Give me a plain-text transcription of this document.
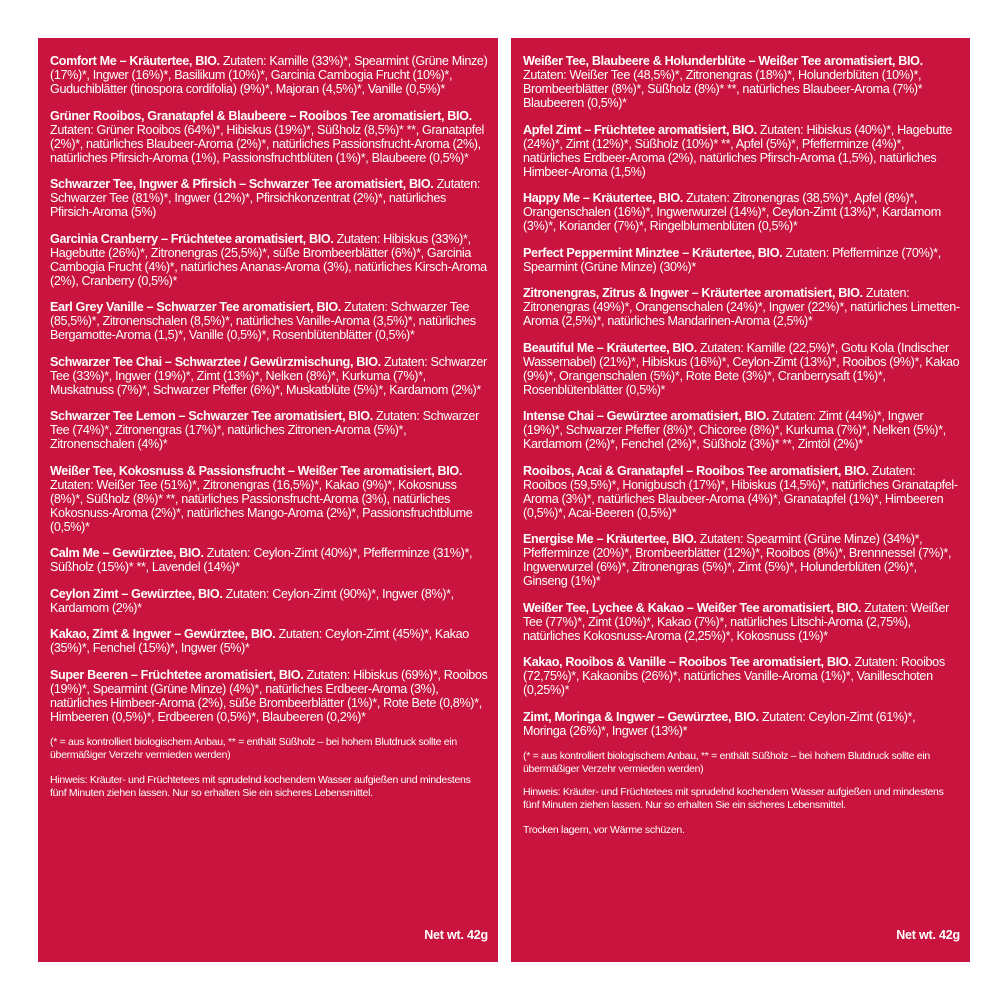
Comfort Me – Kräutertee, BIO. Zutaten: Kamille (33%)*, Spearmint (Grüne Minze) (17%)*, Ingwer (16%)*, Basilikum (10%)*, Garcinia Cambogia Frucht (10%)*, Guduchiblätter (tinospora cordifolia) (9%)*, Majoran (4,5%)*, Vanille (0,5%)*

Grüner Rooibos, Granatapfel & Blaubeere – Rooibos Tee aromatisiert, BIO. Zutaten: Grüner Rooibos (64%)*, Hibiskus (19%)*, Süßholz (8,5%)* **, Granatapfel (2%)*, natürliches Blaubeer-Aroma (2%)*, natürliches Passionsfrucht-Aroma (2%), natürliches Pfirsich-Aroma (1%), Passionsfruchtblüten (1%)*, Blaubeere (0,5%)*

Schwarzer Tee, Ingwer & Pfirsich – Schwarzer Tee aromatisiert, BIO. Zutaten: Schwarzer Tee (81%)*, Ingwer (12%)*, Pfirsichkonzentrat (2%)*, natürliches Pfirsich-Aroma (5%)

Garcinia Cranberry – Früchtetee aromatisiert, BIO. Zutaten: Hibiskus (33%)*, Hagebutte (26%)*, Zitronengras (25,5%)*, süße Brombeerblätter (6%)*, Garcinia Cambogia Frucht (4%)*, natürliches Ananas-Aroma (3%), natürliches Kirsch-Aroma (2%), Cranberry (0,5%)*

Earl Grey Vanille – Schwarzer Tee aromatisiert, BIO. Zutaten: Schwarzer Tee (85,5%)*, Zitronenschalen (8,5%)*, natürliches Vanille-Aroma (3,5%)*, natürliches Bergamotte-Aroma (1,5)*, Vanille (0,5%)*, Rosenblütenblätter (0,5%)*

Schwarzer Tee Chai – Schwarztee / Gewürzmischung, BIO. Zutaten: Schwarzer Tee (33%)*, Ingwer (19%)*, Zimt (13%)*, Nelken (8%)*, Kurkuma (7%)*, Muskatnuss (7%)*, Schwarzer Pfeffer (6%)*, Muskatblüte (5%)*, Kardamom (2%)*

Schwarzer Tee Lemon – Schwarzer Tee aromatisiert, BIO. Zutaten: Schwarzer Tee (74%)*, Zitronengras (17%)*, natürliches Zitronen-Aroma (5%)*, Zitronenschalen (4%)*

Weißer Tee, Kokosnuss & Passionsfrucht – Weißer Tee aromatisiert, BIO. Zutaten: Weißer Tee (51%)*, Zitronengras (16,5%)*, Kakao (9%)*, Kokosnuss (8%)*, Süßholz (8%)* **, natürliches Passionsfrucht-Aroma (3%), natürliches Kokosnuss-Aroma (2%)*, natürliches Mango-Aroma (2%)*, Passionsfruchtblume (0,5%)*

Calm Me – Gewürztee, BIO. Zutaten: Ceylon-Zimt (40%)*, Pfefferminze (31%)*, Süßholz (15%)* **, Lavendel (14%)*

Ceylon Zimt – Gewürztee, BIO. Zutaten: Ceylon-Zimt (90%)*, Ingwer (8%)*, Kardamom (2%)*

Kakao, Zimt & Ingwer – Gewürztee, BIO. Zutaten: Ceylon-Zimt (45%)*, Kakao (35%)*, Fenchel (15%)*, Ingwer (5%)*

Super Beeren – Früchtetee aromatisiert, BIO. Zutaten: Hibiskus (69%)*, Rooibos (19%)*, Spearmint (Grüne Minze) (4%)*, natürliches Erdbeer-Aroma (3%), natürliches Himbeer-Aroma (2%), süße Brombeerblätter (1%)*, Rote Bete (0,8%)*, Himbeeren (0,5%)*, Erdbeeren (0,5%)*, Blaubeeren (0,2%)*

(* = aus kontrolliert biologischem Anbau, ** = enthält Süßholz – bei hohem Blutdruck sollte ein übermäßiger Verzehr vermieden werden)

Hinweis: Kräuter- und Früchtetees mit sprudelnd kochendem Wasser aufgießen und mindestens fünf Minuten ziehen lassen. Nur so erhalten Sie ein sicheres Lebensmittel.

Net wt. 42g

Weißer Tee, Blaubeere & Holunderblüte – Weißer Tee aromatisiert, BIO. Zutaten: Weißer Tee (48,5%)*, Zitronengras (18%)*, Holunderblüten (10%)*, Brombeerblätter (8%)*, Süßholz (8%)* **, natürliches Blaubeer-Aroma (7%)* Blaubeeren (0,5%)*

Apfel Zimt – Früchtetee aromatisiert, BIO. Zutaten: Hibiskus (40%)*, Hagebutte (24%)*, Zimt (12%)*, Süßholz (10%)* **, Apfel (5%)*, Pfefferminze (4%)*, natürliches Erdbeer-Aroma (2%), natürliches Pfirsch-Aroma (1,5%), natürliches Himbeer-Aroma (1,5%)

Happy Me – Kräutertee, BIO. Zutaten: Zitronengras (38,5%)*, Apfel (8%)*, Orangenschalen (16%)*, Ingwerwurzel (14%)*, Ceylon-Zimt (13%)*, Kardamom (3%)*, Koriander (7%)*, Ringelblumenblüten (0,5%)*

Perfect Peppermint Minztee – Kräutertee, BIO. Zutaten: Pfefferminze (70%)*, Spearmint (Grüne Minze) (30%)*

Zitronengras, Zitrus & Ingwer – Kräutertee aromatisiert, BIO. Zutaten: Zitronengras (49%)*, Orangenschalen (24%)*, Ingwer (22%)*, natürliches Limetten-Aroma (2,5%)*, natürliches Mandarinen-Aroma (2,5%)*

Beautiful Me – Kräutertee, BIO. Zutaten: Kamille (22,5%)*, Gotu Kola (Indischer Wassernabel) (21%)*, Hibiskus (16%)*, Ceylon-Zimt (13%)*, Rooibos (9%)*, Kakao (9%)*, Orangenschalen (5%)*, Rote Bete (3%)*, Cranberrysaft (1%)*, Rosenblütenblätter (0,5%)*

Intense Chai – Gewürztee aromatisiert, BIO. Zutaten: Zimt (44%)*, Ingwer (19%)*, Schwarzer Pfeffer (8%)*, Chicoree (8%)*, Kurkuma (7%)*, Nelken (5%)*, Kardamom (2%)*, Fenchel (2%)*, Süßholz (3%)* **, Zimtöl (2%)*

Rooibos, Acai & Granatapfel – Rooibos Tee aromatisiert, BIO. Zutaten: Rooibos (59,5%)*, Honigbusch (17%)*, Hibiskus (14,5%)*, natürliches Granatapfel-Aroma (3%)*, natürliches Blaubeer-Aroma (4%)*, Granatapfel (1%)*, Himbeeren (0,5%)*, Acai-Beeren (0,5%)*

Energise Me – Kräutertee, BIO. Zutaten: Spearmint (Grüne Minze) (34%)*, Pfefferminze (20%)*, Brombeerblätter (12%)*, Rooibos (8%)*, Brennnessel (7%)*, Ingwerwurzel (6%)*, Zitronengras (5%)*, Zimt (5%)*, Holunderblüten (2%)*, Ginseng (1%)*

Weißer Tee, Lychee & Kakao – Weißer Tee aromatisiert, BIO. Zutaten: Weißer Tee (77%)*, Zimt (10%)*, Kakao (7%)*, natürliches Litschi-Aroma (2,75%), natürliches Kokosnuss-Aroma (2,25%)*, Kokosnuss (1%)*

Kakao, Rooibos & Vanille – Rooibos Tee aromatisiert, BIO. Zutaten: Rooibos (72,75%)*, Kakaonibs (26%)*, natürliches Vanille-Aroma (1%)*, Vanilleschoten (0,25%)*

Zimt, Moringa & Ingwer – Gewürztee, BIO. Zutaten: Ceylon-Zimt (61%)*, Moringa (26%)*, Ingwer (13%)*

(* = aus kontrolliert biologischem Anbau, ** = enthält Süßholz – bei hohem Blutdruck sollte ein übermäßiger Verzehr vermieden werden)

Hinweis: Kräuter- und Früchtetees mit sprudelnd kochendem Wasser aufgießen und mindestens fünf Minuten ziehen lassen. Nur so erhalten Sie ein sicheres Lebensmittel.

Trocken lagern, vor Wärme schüzen.

Net wt. 42g
